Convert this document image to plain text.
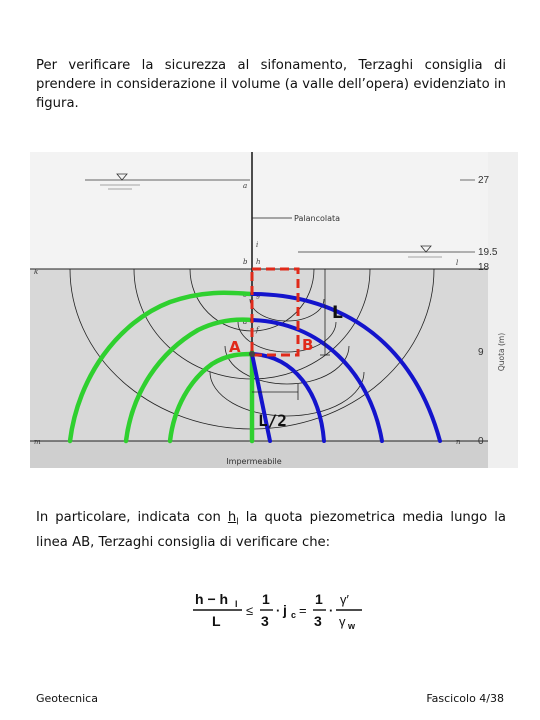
Per verificare la sicurezza al sifonamento, Terzaghi consiglia di prendere in considerazione il volume (a valle dell’opera) evidenziato in figura.

Palancolata
27
19.5
18
9
0
Quota (m)
a
b
c
d
e
f
g
h
i
k
l
m	n
Impermeabile
A	B
L
L/2

In particolare, indicata con $h_l$ la quota piezometrica media lungo la linea AB, Terzaghi consiglia di verificare che:

h − h l
L
≤
1
3
· j c =
1
3
·
γ′
γ w
Geotecnica	Fascicolo 4/38
